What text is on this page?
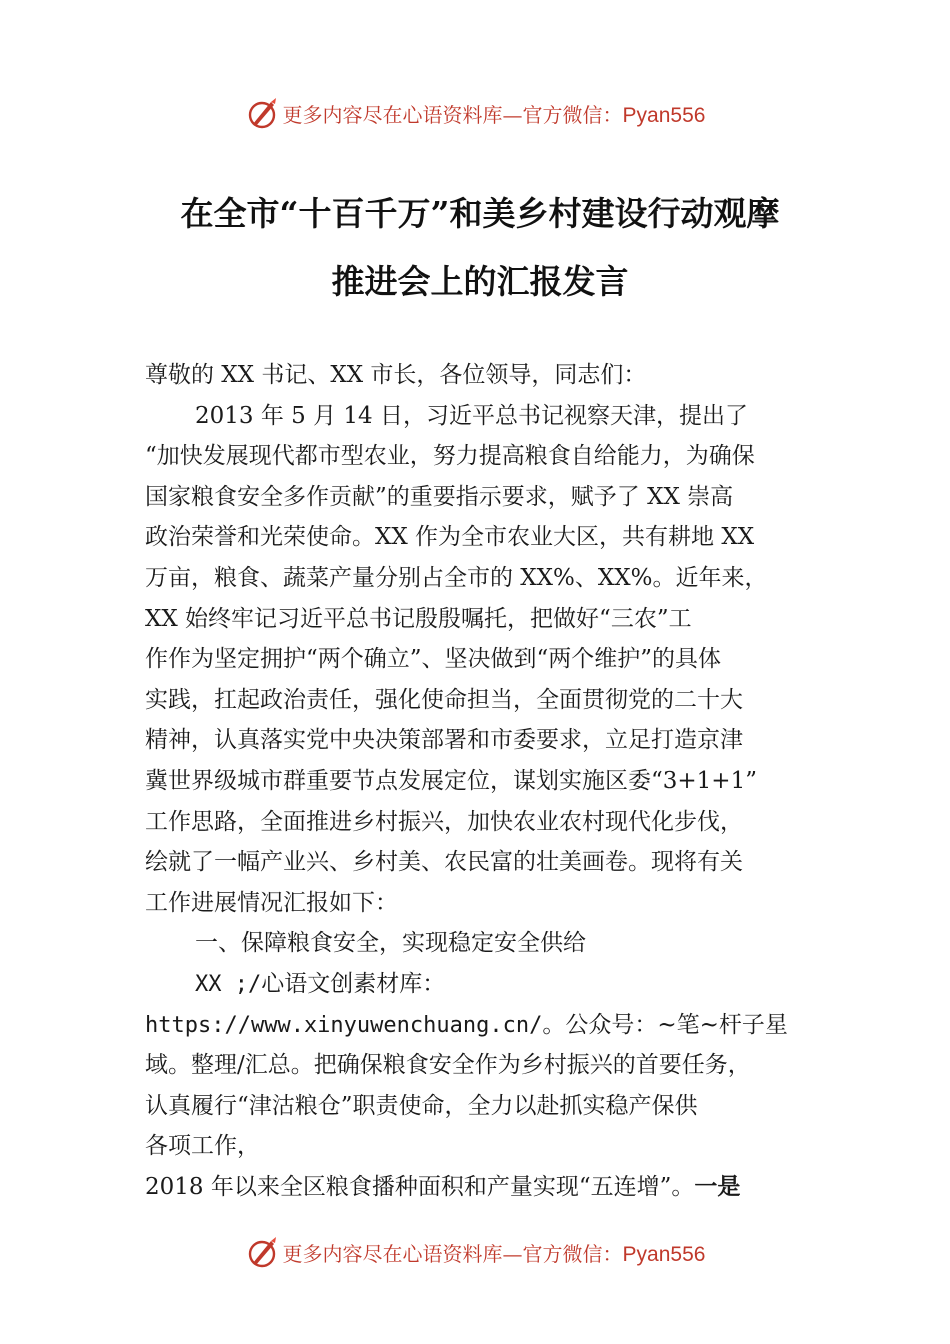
更多内容尽在心语资料库—官方微信：Pyan556
在全市“十百千万”和美乡村建设行动观摩
推进会上的汇报发言
尊敬的 XX 书记、XX 市长，各位领导，同志们：
2013 年 5 月 14 日，习近平总书记视察天津，提出了
“加快发展现代都市型农业，努力提高粮食自给能力，为确保
国家粮食安全多作贡献”的重要指示要求，赋予了 XX 崇高
政治荣誉和光荣使命。XX 作为全市农业大区，共有耕地 XX
万亩，粮食、蔬菜产量分别占全市的 XX%、XX%。近年来，
XX 始终牢记习近平总书记殷殷嘱托，把做好“三农”工
作作为坚定拥护“两个确立”、坚决做到“两个维护”的具体
实践，扛起政治责任，强化使命担当，全面贯彻党的二十大
精神，认真落实党中央决策部署和市委要求，立足打造京津
冀世界级城市群重要节点发展定位，谋划实施区委“3+1+1”
工作思路，全面推进乡村振兴，加快农业农村现代化步伐，
绘就了一幅产业兴、乡村美、农民富的壮美画卷。现将有关
工作进展情况汇报如下：
一、保障粮食安全，实现稳定安全供给
XX ;/心语文创素材库：
https://www.xinyuwenchuang.cn/。公众号：~笔~杆子星
域。整理/汇总。把确保粮食安全作为乡村振兴的首要任务，
认真履行“津沽粮仓”职责使命，全力以赴抓实稳产保供
各项工作，
2018 年以来全区粮食播种面积和产量实现“五连增”。一是
更多内容尽在心语资料库—官方微信：Pyan556
